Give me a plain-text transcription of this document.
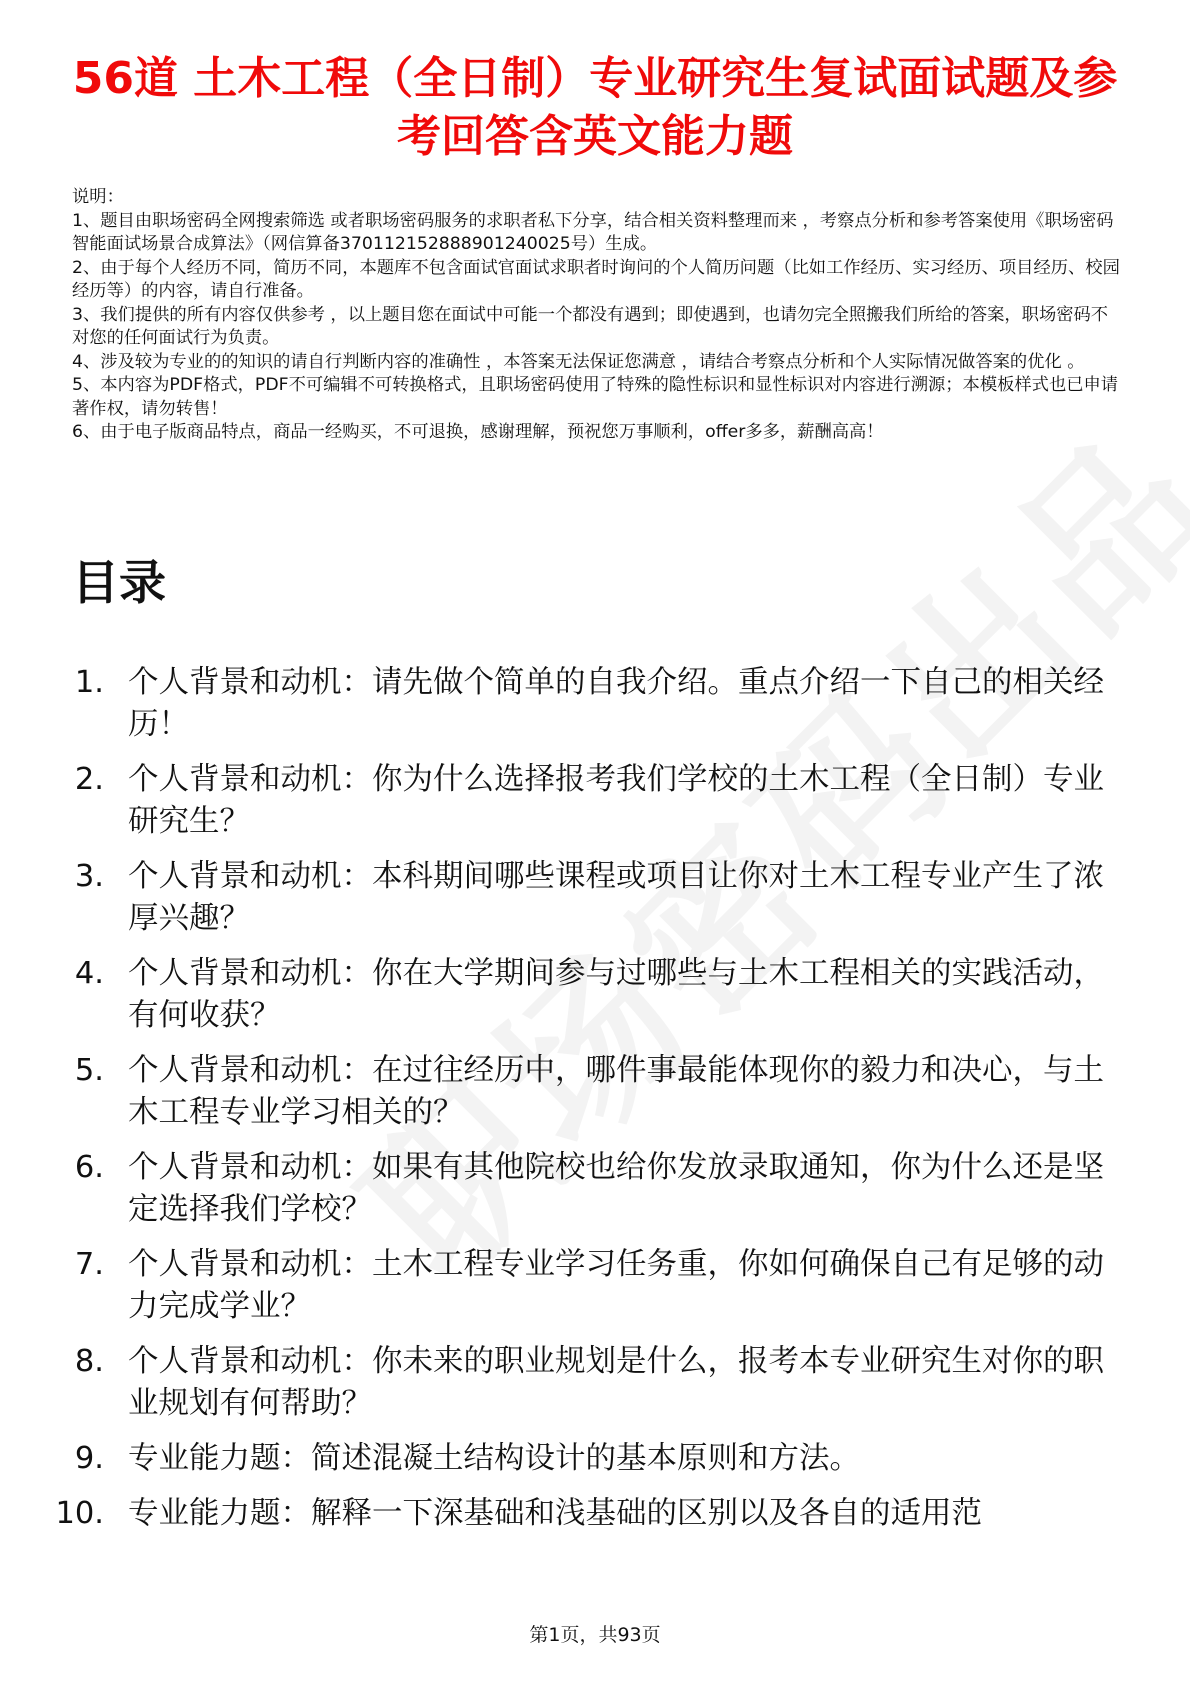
56道 土木工程（全日制）专业研究生复试面试题及参考回答含英文能力题

说明：

1、题目由职场密码全网搜索筛选 或者职场密码服务的求职者私下分享，结合相关资料整理而来 ，考察点分析和参考答案使用《职场密码智能面试场景合成算法》（网信算备370112152888901240025号）生成。

2、由于每个人经历不同，简历不同，本题库不包含面试官面试求职者时询问的个人简历问题（比如工作经历、实习经历、项目经历、校园经历等）的内容，请自行准备。

3、我们提供的所有内容仅供参考 ，以上题目您在面试中可能一个都没有遇到；即使遇到，也请勿完全照搬我们所给的答案，职场密码不对您的任何面试行为负责。

4、涉及较为专业的的知识的请自行判断内容的准确性 ，本答案无法保证您满意 ，请结合考察点分析和个人实际情况做答案的优化 。

5、本内容为PDF格式，PDF不可编辑不可转换格式，且职场密码使用了特殊的隐性标识和显性标识对内容进行溯源；本模板样式也已申请著作权，请勿转售！

6、由于电子版商品特点，商品一经购买，不可退换，感谢理解，预祝您万事顺利，offer多多，薪酬高高！

目录
1. 个人背景和动机：请先做个简单的自我介绍。重点介绍一下自己的相关经历！
2. 个人背景和动机：你为什么选择报考我们学校的土木工程（全日制）专业研究生？
3. 个人背景和动机：本科期间哪些课程或项目让你对土木工程专业产生了浓厚兴趣？
4. 个人背景和动机：你在大学期间参与过哪些与土木工程相关的实践活动，有何收获？
5. 个人背景和动机：在过往经历中，哪件事最能体现你的毅力和决心，与土木工程专业学习相关的？
6. 个人背景和动机：如果有其他院校也给你发放录取通知，你为什么还是坚定选择我们学校？
7. 个人背景和动机：土木工程专业学习任务重，你如何确保自己有足够的动力完成学业？
8. 个人背景和动机：你未来的职业规划是什么，报考本专业研究生对你的职业规划有何帮助？
9. 专业能力题：简述混凝土结构设计的基本原则和方法。
10. 专业能力题：解释一下深基础和浅基础的区别以及各自的适用范
第1页，共93页
